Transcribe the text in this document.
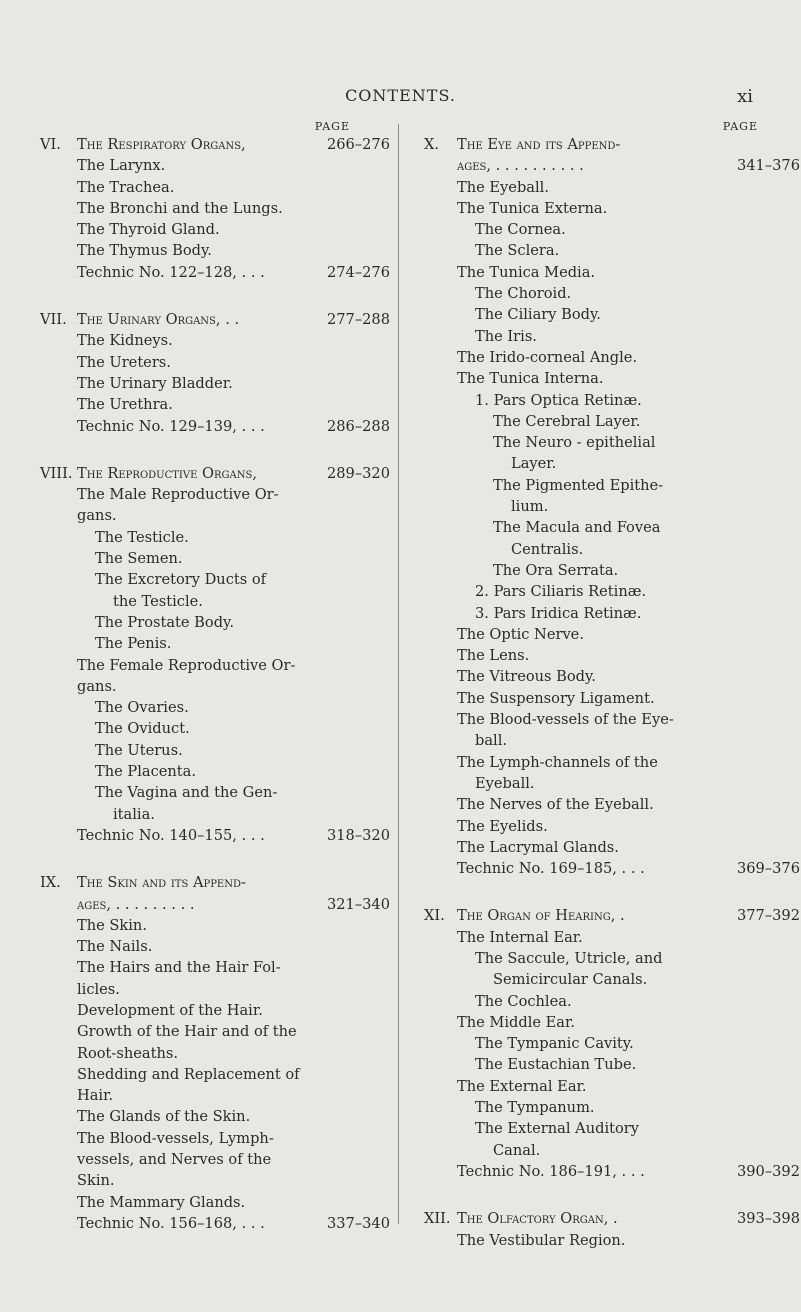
CONTENTS.	xi
PAGE
VI. The Respiratory Organs,	266–276
The Larynx.
The Trachea.
The Bronchi and the Lungs.
The Thyroid Gland.
The Thymus Body.
Technic No. 122–128, . . .	274–276
VII. The Urinary Organs, . .	277–288
The Kidneys.
The Ureters.
The Urinary Bladder.
The Urethra.
Technic No. 129–139, . . .	286–288
VIII. The Reproductive Organs,	289–320
The Male Reproductive Or-
gans.
The Testicle.
The Semen.
The Excretory Ducts of
the Testicle.
The Prostate Body.
The Penis.
The Female Reproductive Or-
gans.
The Ovaries.
The Oviduct.
The Uterus.
The Placenta.
The Vagina and the Gen-
italia.
Technic No. 140–155, . . .	318–320
IX. The Skin and its Append-
ages, . . . . . . . . .	321–340
The Skin.
The Nails.
The Hairs and the Hair Fol-
licles.
Development of the Hair.
Growth of the Hair and of the
Root-sheaths.
Shedding and Replacement of
Hair.
The Glands of the Skin.
The Blood-vessels, Lymph-
vessels, and Nerves of the
Skin.
The Mammary Glands.
Technic No. 156–168, . . .	337–340
PAGE
X. The Eye and its Append-
ages, . . . . . . . . . .	341–376
The Eyeball.
The Tunica Externa.
The Cornea.
The Sclera.
The Tunica Media.
The Choroid.
The Ciliary Body.
The Iris.
The Irido-corneal Angle.
The Tunica Interna.
1. Pars Optica Retinæ.
The Cerebral Layer.
The Neuro - epithelial
Layer.
The Pigmented Epithe-
lium.
The Macula and Fovea
Centralis.
The Ora Serrata.
2. Pars Ciliaris Retinæ.
3. Pars Iridica Retinæ.
The Optic Nerve.
The Lens.
The Vitreous Body.
The Suspensory Ligament.
The Blood-vessels of the Eye-
ball.
The Lymph-channels of the
Eyeball.
The Nerves of the Eyeball.
The Eyelids.
The Lacrymal Glands.
Technic No. 169–185, . . .	369–376
XI. The Organ of Hearing, .	377–392
The Internal Ear.
The Saccule, Utricle, and
Semicircular Canals.
The Cochlea.
The Middle Ear.
The Tympanic Cavity.
The Eustachian Tube.
The External Ear.
The Tympanum.
The External Auditory
Canal.
Technic No. 186–191, . . .	390–392
XII. The Olfactory Organ, .	393–398
The Vestibular Region.
